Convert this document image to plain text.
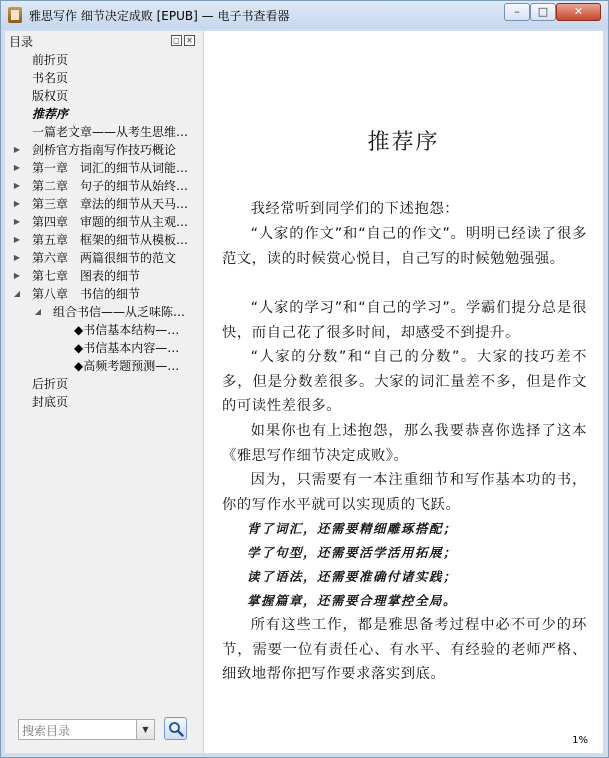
雅思写作 细节决定成败 [EPUB] — 电子书查看器	–	□	✕
目录	◻ ✕
前折页
书名页
版权页
推荐序
一篇老文章——从考生思维…
▶ 剑桥官方指南写作技巧概论
▶ 第一章　词汇的细节从词能…
▶ 第二章　句子的细节从始终…
▶ 第三章　章法的细节从天马…
▶ 第四章　审题的细节从主观…
▶ 第五章　框架的细节从模板…
▶ 第六章　两篇很细节的范文
▶ 第七章　图表的细节
◢ 第八章　书信的细节
◢ 组合书信——从乏味陈…
◆书信基本结构—…
◆书信基本内容—…
◆高频考题预测—…
后折页
封底页
搜索目录
▼
推荐序
我经常听到同学们的下述抱怨：
“人家的作文”和“自己的作文”。明明已经读了很多范文，读的时候赏心悦目，自己写的时候勉勉强强。
“人家的学习”和“自己的学习”。学霸们提分总是很快，而自己花了很多时间，却感受不到提升。
“人家的分数”和“自己的分数”。大家的技巧差不多，但是分数差很多。大家的词汇量差不多，但是作文的可读性差很多。
如果你也有上述抱怨，那么我要恭喜你选择了这本《雅思写作细节决定成败》。
因为，只需要有一本注重细节和写作基本功的书，你的写作水平就可以实现质的飞跃。
背了词汇，还需要精细雕琢搭配；
学了句型，还需要活学活用拓展；
读了语法，还需要准确付诸实践；
掌握篇章，还需要合理掌控全局。
所有这些工作，都是雅思备考过程中必不可少的环节，需要一位有责任心、有水平、有经验的老师严格、细致地帮你把写作要求落实到底。
1%
